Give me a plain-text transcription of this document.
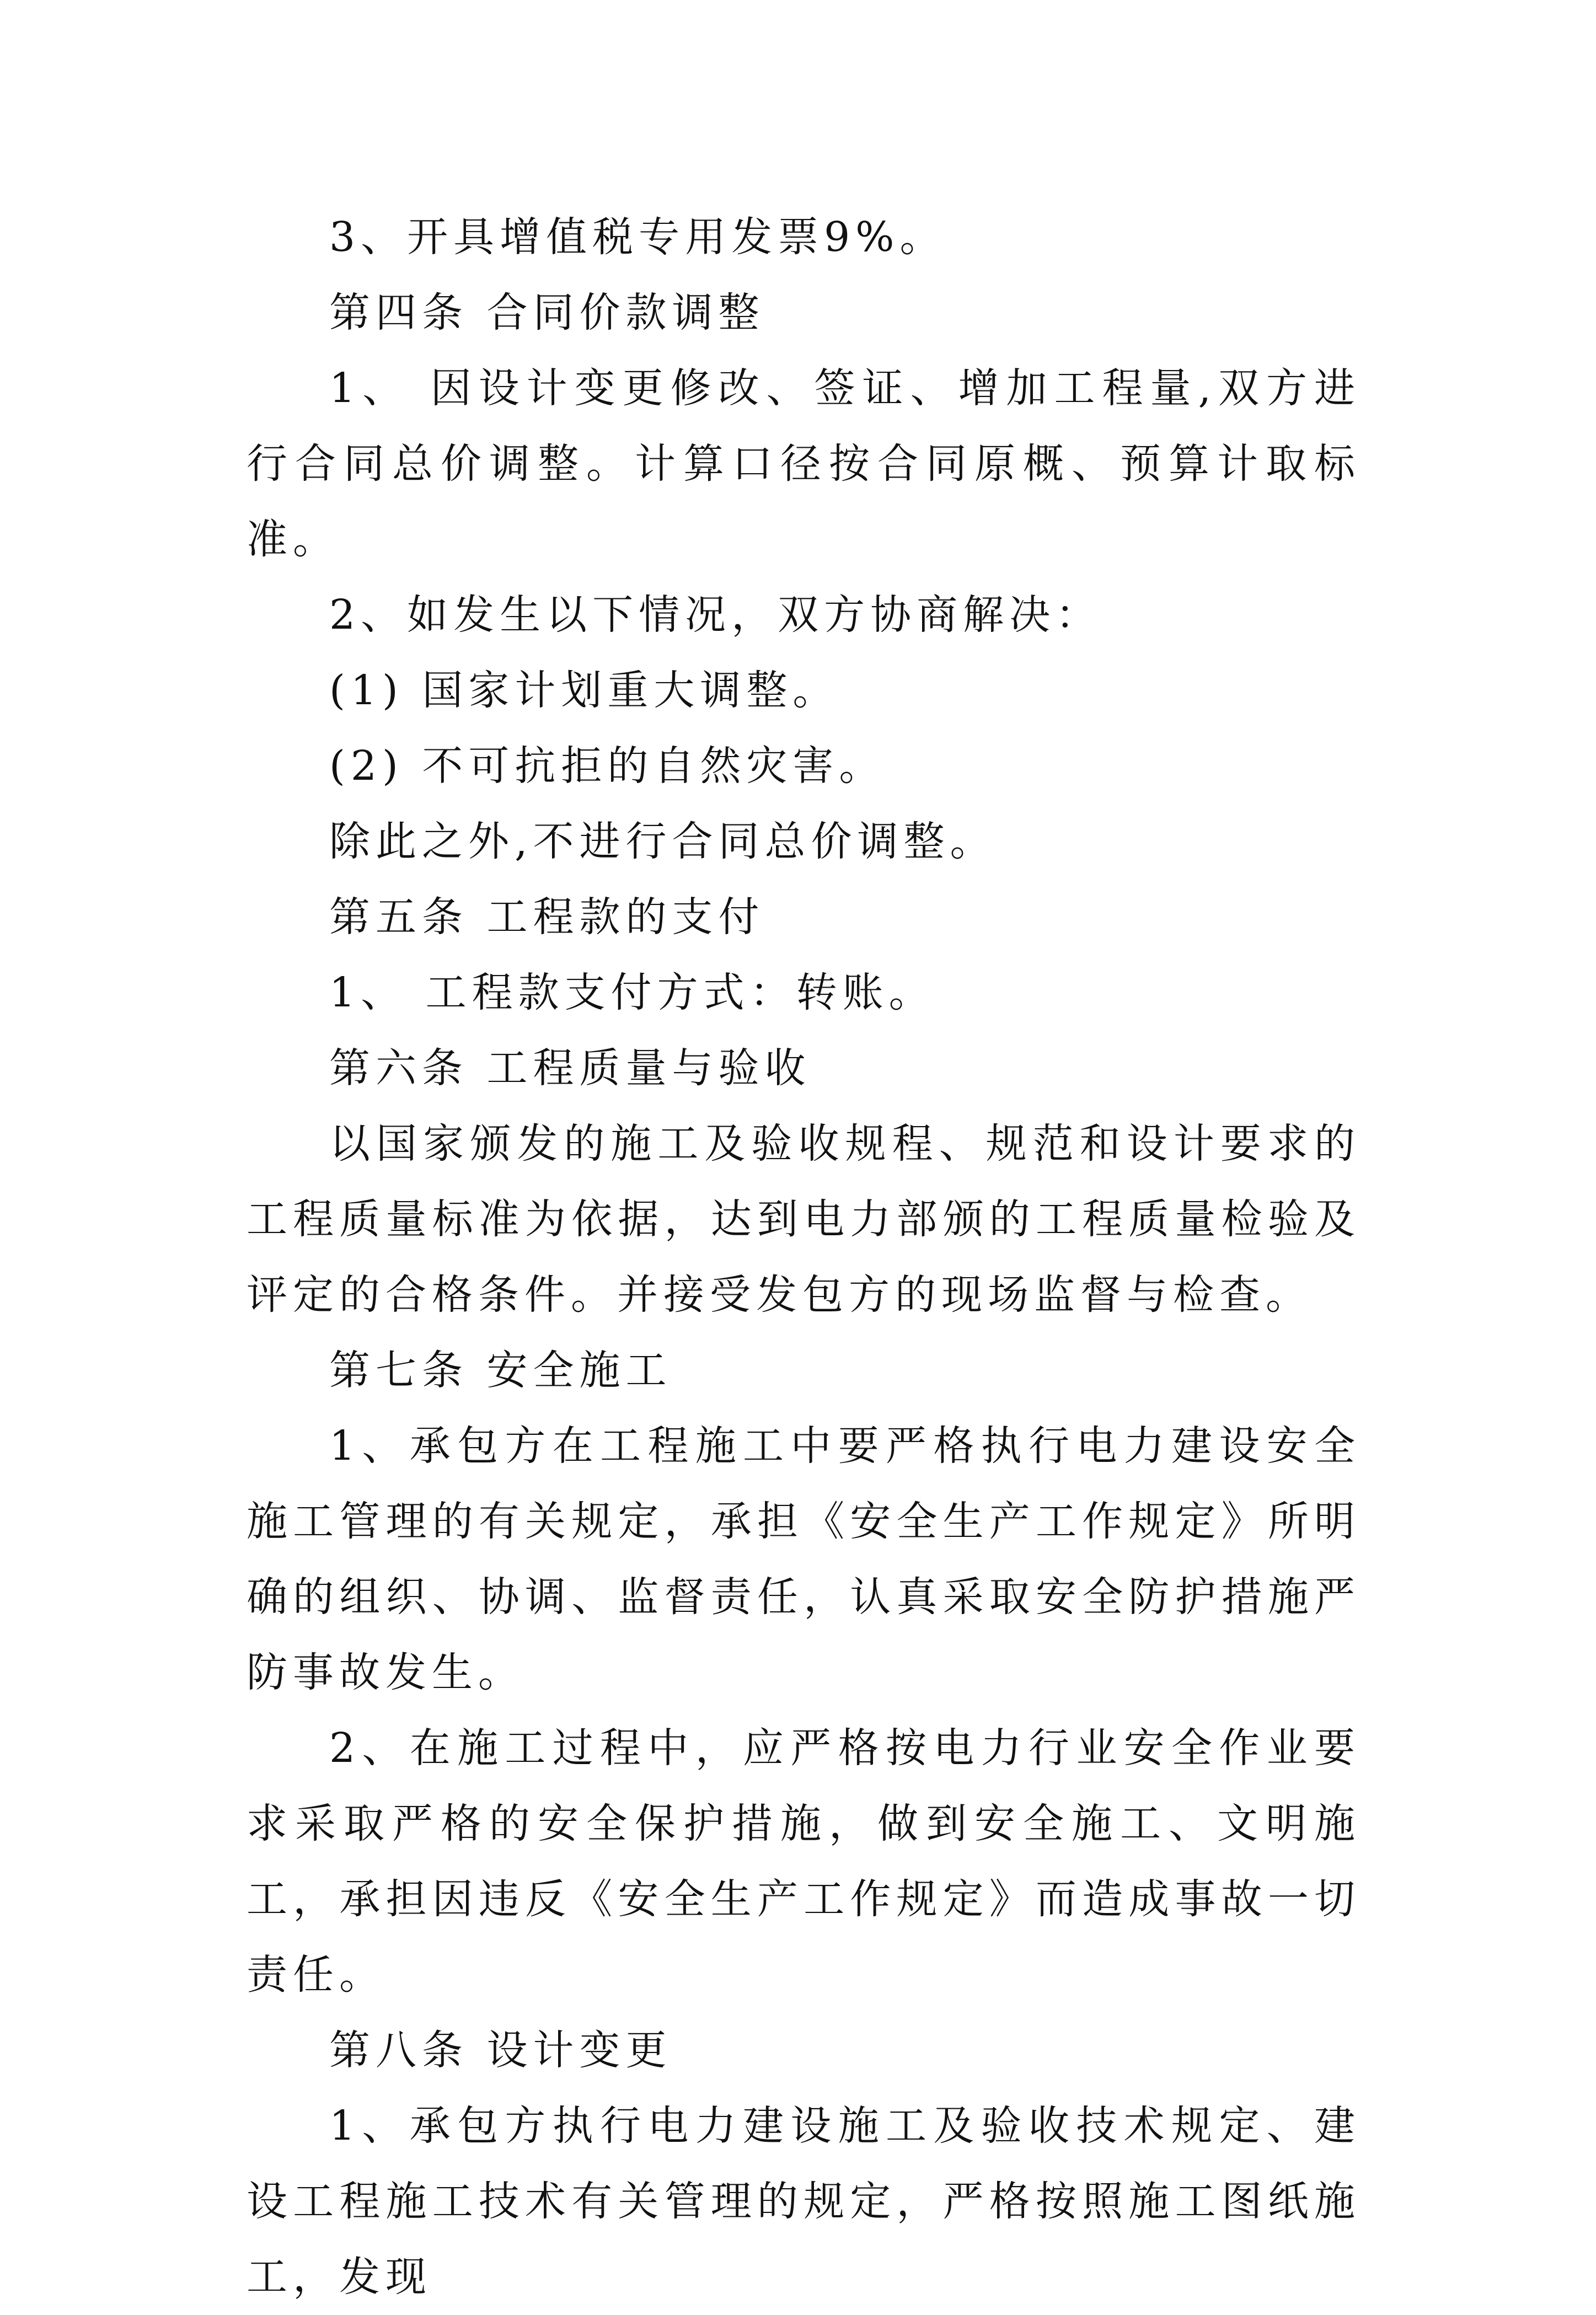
3、开具增值税专用发票9%。

第四条 合同价款调整

1、 因设计变更修改、签证、增加工程量,双方进行合同总价调整。计算口径按合同原概、预算计取标准。

2、如发生以下情况，双方协商解决：

(1) 国家计划重大调整。

(2) 不可抗拒的自然灾害。

除此之外,不进行合同总价调整。

第五条 工程款的支付

1、 工程款支付方式：转账。

第六条 工程质量与验收

以国家颁发的施工及验收规程、规范和设计要求的工程质量标准为依据，达到电力部颁的工程质量检验及评定的合格条件。并接受发包方的现场监督与检查。

第七条 安全施工

1、承包方在工程施工中要严格执行电力建设安全施工管理的有关规定，承担《安全生产工作规定》所明确的组织、协调、监督责任，认真采取安全防护措施严防事故发生。

2、在施工过程中，应严格按电力行业安全作业要求采取严格的安全保护措施，做到安全施工、文明施工，承担因违反《安全生产工作规定》而造成事故一切责任。

第八条 设计变更

1、承包方执行电力建设施工及验收技术规定、建设工程施工技术有关管理的规定，严格按照施工图纸施工，发现
